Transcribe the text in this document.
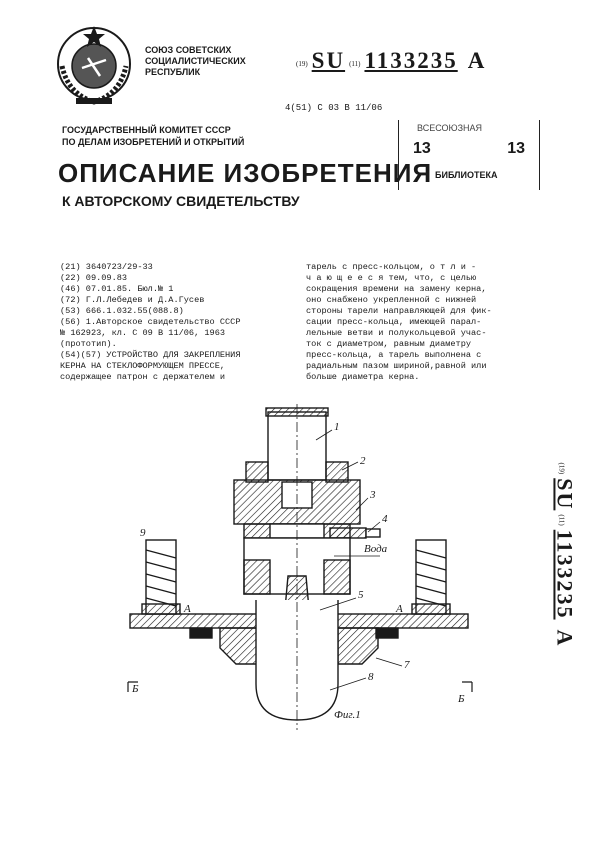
СОЮЗ СОВЕТСКИХ
СОЦИАЛИСТИЧЕСКИХ
РЕСПУБЛИК
(19) SU (11) 1133235 A
4(51) С 03 В 11/06
ГОСУДАРСТВЕННЫЙ КОМИТЕТ СССР
ПО ДЕЛАМ ИЗОБРЕТЕНИЙ И ОТКРЫТИЙ
ВСЕСОЮЗНАЯ
13	13
БИБЛИОТЕКА
ОПИСАНИЕ ИЗОБРЕТЕНИЯ
К АВТОРСКОМУ СВИДЕТЕЛЬСТВУ
(21) 3640723/29-33
(22) 09.09.83
(46) 07.01.85. Бюл.№ 1
(72) Г.Л.Лебедев и Д.А.Гусев
(53) 666.1.032.55(088.8)
(56) 1.Авторское свидетельство СССР
№ 162923, кл. С 09 В 11/06, 1963
(прототип).
(54)(57) УСТРОЙСТВО ДЛЯ ЗАКРЕПЛЕНИЯ
КЕРНА НА СТЕКЛОФОРМУЮЩЕМ ПРЕССЕ,
содержащее патрон с держателем и
тарель с пресс-кольцом, о т л и -
ч а ю щ е е с я тем, что, с целью
сокращения времени на замену керна,
оно снабжено укрепленной с нижней
стороны тарели направляющей для фик-
сации пресс-кольца, имеющей парал-
лельные ветви и полукольцевой учас-
ток с диаметром, равным диаметру
пресс-кольца, а тарель выполнена с
радиальным пазом шириной,равной или
больше диаметра керна.
(19) SU (11) 1133235 A
1
2
3
4
Вода
5
7
8
9
А	А
Б
Б
Фиг.1
